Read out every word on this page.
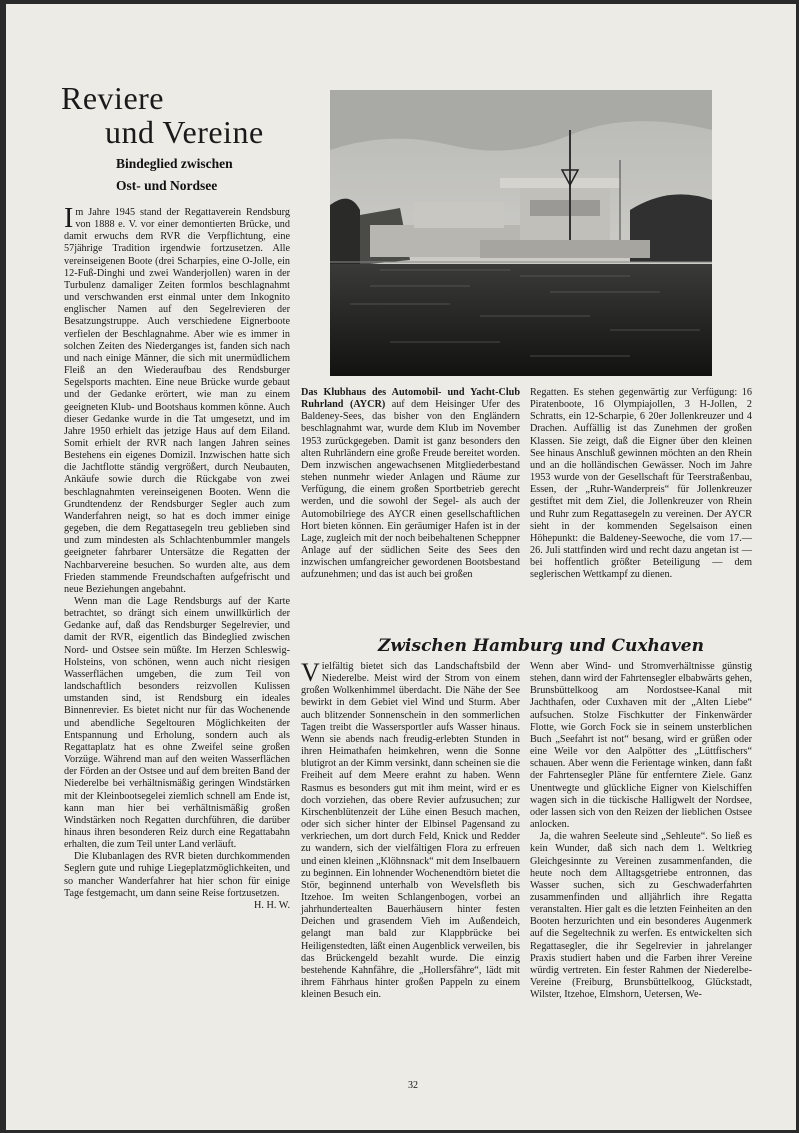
Reviere
und Vereine
Bindeglied zwischen
Ost- und Nordsee

Im Jahre 1945 stand der Regattaverein Rendsburg von 1888 e. V. vor einer demontierten Brücke, und damit erwuchs dem RVR die Verpflichtung, eine 57jährige Tradition irgendwie fortzusetzen. Alle vereinseigenen Boote (drei Scharpies, eine O-Jolle, ein 12-Fuß-Dinghi und zwei Wanderjollen) waren in der Turbulenz damaliger Zeiten formlos beschlagnahmt und verschwanden erst einmal unter dem Inkognito englischer Namen auf den Segelrevieren der Besatzungstruppe. Auch verschiedene Eignerboote verfielen der Beschlagnahme. Aber wie es immer in solchen Zeiten des Niederganges ist, fanden sich nach und nach einige Männer, die sich mit unermüdlichem Fleiß an den Wiederaufbau des Rendsburger Segelsports machten. Eine neue Brücke wurde gebaut und der Gedanke erörtert, wie man zu einem geeigneten Klub- und Bootshaus kommen könne. Auch dieser Gedanke wurde in die Tat umgesetzt, und im Jahre 1950 erhielt das jetzige Haus auf dem Eiland. Somit erhielt der RVR nach langen Jahren seines Bestehens ein eigenes Domizil. Inzwischen hatte sich die Jachtflotte ständig vergrößert, durch Neubauten, Ankäufe sowie durch die Rückgabe von zwei beschlagnahmten vereinseigenen Booten. Wenn die Grundtendenz der Rendsburger Segler auch zum Wanderfahren neigt, so hat es doch immer einige gegeben, die dem Regattasegeln treu geblieben sind und zum mindesten als Schlachtenbummler mangels geeigneter fahrbarer Untersätze die Regatten der Nachbarvereine besuchen. So wurden alte, aus dem Frieden stammende Freundschaften aufgefrischt und neue Beziehungen angebahnt.

Wenn man die Lage Rendsburgs auf der Karte betrachtet, so drängt sich einem unwillkürlich der Gedanke auf, daß das Rendsburger Segelrevier, und damit der RVR, eigentlich das Bindeglied zwischen Nord- und Ostsee sein müßte. Im Herzen Schleswig-Holsteins, von schönen, wenn auch nicht riesigen Wasserflächen umgeben, die zum Teil von landschaftlich besonders reizvollen Kulissen umstanden sind, ist Rendsburg ein ideales Binnenrevier. Es bietet nicht nur für das Wochenende und abendliche Segeltouren Möglichkeiten der Entspannung und Erholung, sondern auch als Regattaplatz hat es ohne Zweifel seine großen Vorzüge. Während man auf den weiten Wasserflächen der Förden an der Ostsee und auf dem breiten Band der Niederelbe bei verhältnismäßig geringen Windstärken mit der Kleinbootsegelei ziemlich schnell am Ende ist, kann man hier bei verhältnismäßig großen Windstärken noch Regatten durchführen, die darüber hinaus ihren besonderen Reiz durch eine Regattabahn erhalten, die zum Teil unter Land verläuft.

Die Klubanlagen des RVR bieten durchkommenden Seglern gute und ruhige Liegeplatzmöglichkeiten, und so mancher Wanderfahrer hat hier schon für einige Tage festgemacht, um dann seine Reise fortzusetzen.
H. H. W.

Das Klubhaus des Automobil- und Yacht-Club Ruhrland (AYCR) auf dem Heisinger Ufer des Baldeney-Sees, das bisher von den Engländern beschlagnahmt war, wurde dem Klub im November 1953 zurückgegeben. Damit ist ganz besonders den alten Ruhrländern eine große Freude bereitet worden. Dem inzwischen angewachsenen Mitgliederbestand stehen nunmehr wieder Anlagen und Räume zur Verfügung, die einem großen Sportbetrieb gerecht werden, und die sowohl der Segel- als auch der Automobilriege des AYCR einen gesellschaftlichen Hort bieten können. Ein geräumiger Hafen ist in der Lage, zugleich mit der noch beibehaltenen Scheppner Anlage auf der südlichen Seite des Sees den inzwischen umfangreicher gewordenen Bootsbestand aufzunehmen; und das ist auch bei großen

Regatten. Es stehen gegenwärtig zur Verfügung: 16 Piratenboote, 16 Olympiajollen, 3 H-Jollen, 2 Schratts, ein 12-Scharpie, 6 20er Jollenkreuzer und 4 Drachen. Auffällig ist das Zunehmen der großen Klassen. Sie zeigt, daß die Eigner über den kleinen See hinaus Anschluß gewinnen möchten an den Rhein und an die holländischen Gewässer. Noch im Jahre 1953 wurde von der Gesellschaft für Teerstraßenbau, Essen, der „Ruhr-Wanderpreis“ für Jollenkreuzer gestiftet mit dem Ziel, die Jollenkreuzer von Rhein und Ruhr zum Regattasegeln zu vereinen. Der AYCR sieht in der kommenden Segelsaison einen Höhepunkt: die Baldeney-Seewoche, die vom 17.—26. Juli stattfinden wird und recht dazu angetan ist — bei hoffentlich größter Beteiligung — dem seglerischen Wettkampf zu dienen.

Zwischen Hamburg und Cuxhaven

Vielfältig bietet sich das Landschaftsbild der Niederelbe. Meist wird der Strom von einem großen Wolkenhimmel überdacht. Die Nähe der See bewirkt in dem Gebiet viel Wind und Sturm. Aber auch blitzender Sonnenschein in den sommerlichen Tagen treibt die Wassersportler aufs Wasser hinaus. Wenn sie abends nach freudig-erlebten Stunden in ihren Heimathafen heimkehren, wenn die Sonne blutigrot an der Kimm versinkt, dann scheinen sie die Freiheit auf dem Meere erahnt zu haben. Wenn Rasmus es besonders gut mit ihm meint, wird er es doch vorziehen, das obere Revier aufzusuchen; zur Kirschenblütenzeit der Lühe einen Besuch machen, oder sich sicher hinter der Elbinsel Pagensand zu verkriechen, um dort durch Feld, Knick und Redder zu wandern, sich der vielfältigen Flora zu erfreuen und einen kleinen „Klöhnsnack“ mit dem Inselbauern zu beginnen. Ein lohnender Wochenendtörn bietet die Stör, beginnend unterhalb von Wevelsfleth bis Itzehoe. Im weiten Schlangenbogen, vorbei an jahrhundertealten Bauerhäusern hinter festen Deichen und grasendem Vieh im Außendeich, gelangt man bald zur Klappbrücke bei Heiligenstedten, läßt einen Augenblick verweilen, bis das Brückengeld bezahlt wurde. Die einzig bestehende Kahnfähre, die „Hollersfähre“, lädt mit ihrem Fährhaus hinter großen Pappeln zu einem kleinen Besuch ein.

Wenn aber Wind- und Stromverhältnisse günstig stehen, dann wird der Fahrtensegler elbabwärts gehen, Brunsbüttelkoog am Nordostsee-Kanal mit Jachthafen, oder Cuxhaven mit der „Alten Liebe“ aufsuchen. Stolze Fischkutter der Finkenwärder Flotte, wie Gorch Fock sie in seinem unsterblichen Buch „Seefahrt ist not“ besang, wird er grüßen oder eine Weile vor den Aalpötter des „Lüttfischers“ schauen. Aber wenn die Ferientage winken, dann faßt der Fahrtensegler Pläne für entferntere Ziele. Ganz Unentwegte und glückliche Eigner von Kielschiffen wagen sich in die tückische Halligwelt der Nordsee, oder lassen sich von den Reizen der lieblichen Ostsee anlocken.

Ja, die wahren Seeleute sind „Sehleute“. So ließ es kein Wunder, daß sich nach dem 1. Weltkrieg Gleichgesinnte zu Vereinen zusammenfanden, die heute noch dem Alltagsgetriebe entronnen, das Wasser suchen, sich zu Geschwaderfahrten zusammenfinden und alljährlich ihre Regatta veranstalten. Hier galt es die letzten Feinheiten an den Booten herzurichten und ein besonderes Augenmerk auf die Segeltechnik zu werfen. Es entwickelten sich Regattasegler, die ihr Segelrevier in jahrelanger Praxis studiert haben und die Farben ihrer Vereine würdig vertreten. Ein fester Rahmen der Niederelbe-Vereine (Freiburg, Brunsbüttelkoog, Glückstadt, Wilster, Itzehoe, Elmshorn, Uetersen, We-

32
